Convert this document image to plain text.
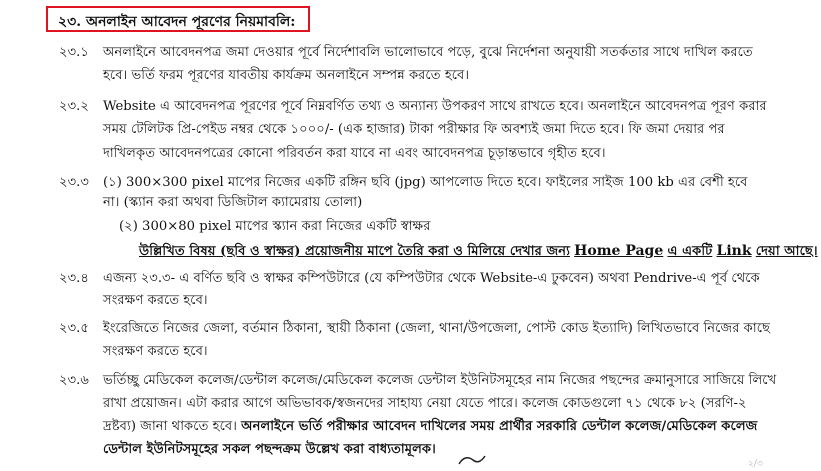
২৩. অনলাইন আবেদন পূরণের নিয়মাবলি:
২৩.১ অনলাইনে আবেদনপত্র জমা দেওয়ার পূর্বে নির্দেশাবলি ভালোভাবে পড়ে, বুঝে নির্দেশনা অনুযায়ী সতর্কতার সাথে দাখিল করতে
হবে। ভর্তি ফরম পূরণের যাবতীয় কার্যক্রম অনলাইনে সম্পন্ন করতে হবে।
২৩.২ Website এ আবেদনপত্র পূরণের পূর্বে নিম্নবর্ণিত তথ্য ও অন্যান্য উপকরণ সাথে রাখতে হবে। অনলাইনে আবেদনপত্র পূরণ করার
সময় টেলিটক প্রি-পেইড নম্বর থেকে ১০০০/- (এক হাজার) টাকা পরীক্ষার ফি অবশ্যই জমা দিতে হবে। ফি জমা দেয়ার পর
দাখিলকৃত আবেদনপত্রের কোনো পরিবর্তন করা যাবে না এবং আবেদনপত্র চূড়ান্তভাবে গৃহীত হবে।
২৩.৩ (১) 300×300 pixel মাপের নিজের একটি রঙ্গিন ছবি (jpg) আপলোড দিতে হবে। ফাইলের সাইজ 100 kb এর বেশী হবে
না। (স্ক্যান করা অথবা ডিজিটাল ক্যামেরায় তোলা)
(২) 300×80 pixel মাপের স্ক্যান করা নিজের একটি স্বাক্ষর
উল্লিখিত বিষয় (ছবি ও স্বাক্ষর) প্রয়োজনীয় মাপে তৈরি করা ও মিলিয়ে দেখার জন্য Home Page এ একটি Link দেয়া আছে।
২৩.৪ এজন্য ২৩.৩- এ বর্ণিত ছবি ও স্বাক্ষর কম্পিউটারে (যে কম্পিউটার থেকে Website-এ ঢুকবেন) অথবা Pendrive-এ পূর্ব থেকে
সংরক্ষণ করতে হবে।
২৩.৫ ইংরেজিতে নিজের জেলা, বর্তমান ঠিকানা, স্থায়ী ঠিকানা (জেলা, থানা/উপজেলা, পোস্ট কোড ইত্যাদি) লিখিতভাবে নিজের কাছে
সংরক্ষণ করতে হবে।
২৩.৬ ভর্তিচ্ছু মেডিকেল কলেজ/ডেন্টাল কলেজ/মেডিকেল কলেজ ডেন্টাল ইউনিটসমূহের নাম নিজের পছন্দের ক্রমানুসারে সাজিয়ে লিখে
রাখা প্রয়োজন। এটা করার আগে অভিভাবক/স্বজনদের সাহায্য নেয়া যেতে পারে। কলেজ কোডগুলো ৭১ থেকে ৮২ (সরণি-২
দ্রষ্টব্য) জানা থাকতে হবে। অনলাইনে ভর্তি পরীক্ষার আবেদন দাখিলের সময় প্রার্থীর সরকারি ডেন্টাল কলেজ/মেডিকেল কলেজ
ডেন্টাল ইউনিটসমূহের সকল পছন্দক্রম উল্লেখ করা বাধ্যতামূলক।
২/৩
